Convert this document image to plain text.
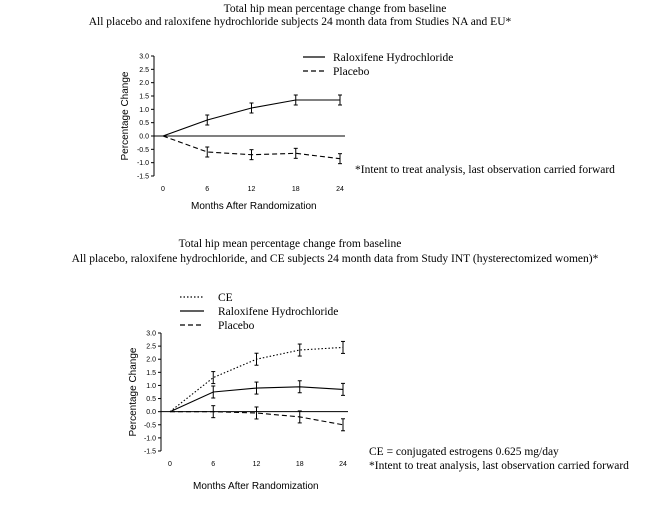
Total hip mean percentage change from baseline
All placebo and raloxifene hydrochloride subjects 24 month data from Studies NA and EU*
*Intent to treat analysis, last observation carried forward
Months After Randomization
Total hip mean percentage change from baseline
All placebo, raloxifene hydrochloride, and CE subjects 24 month data from Study INT (hysterectomized women)*
CE = conjugated estrogens 0.625 mg/day
*Intent to treat analysis, last observation carried forward
Months After Randomization
3.0
2.5
2.0
1.5
1.0
0.5
0.0
-0.5
-1.0
-1.5
0	6	12	18	24
Percentage Change
Raloxifene Hydrochloride
Placebo
3.0
2.5
2.0
1.5
1.0
0.5
0.0
-0.5
-1.0
-1.5
0	6	12	18	24
Percentage Change
CE
Raloxifene Hydrochloride
Placebo
